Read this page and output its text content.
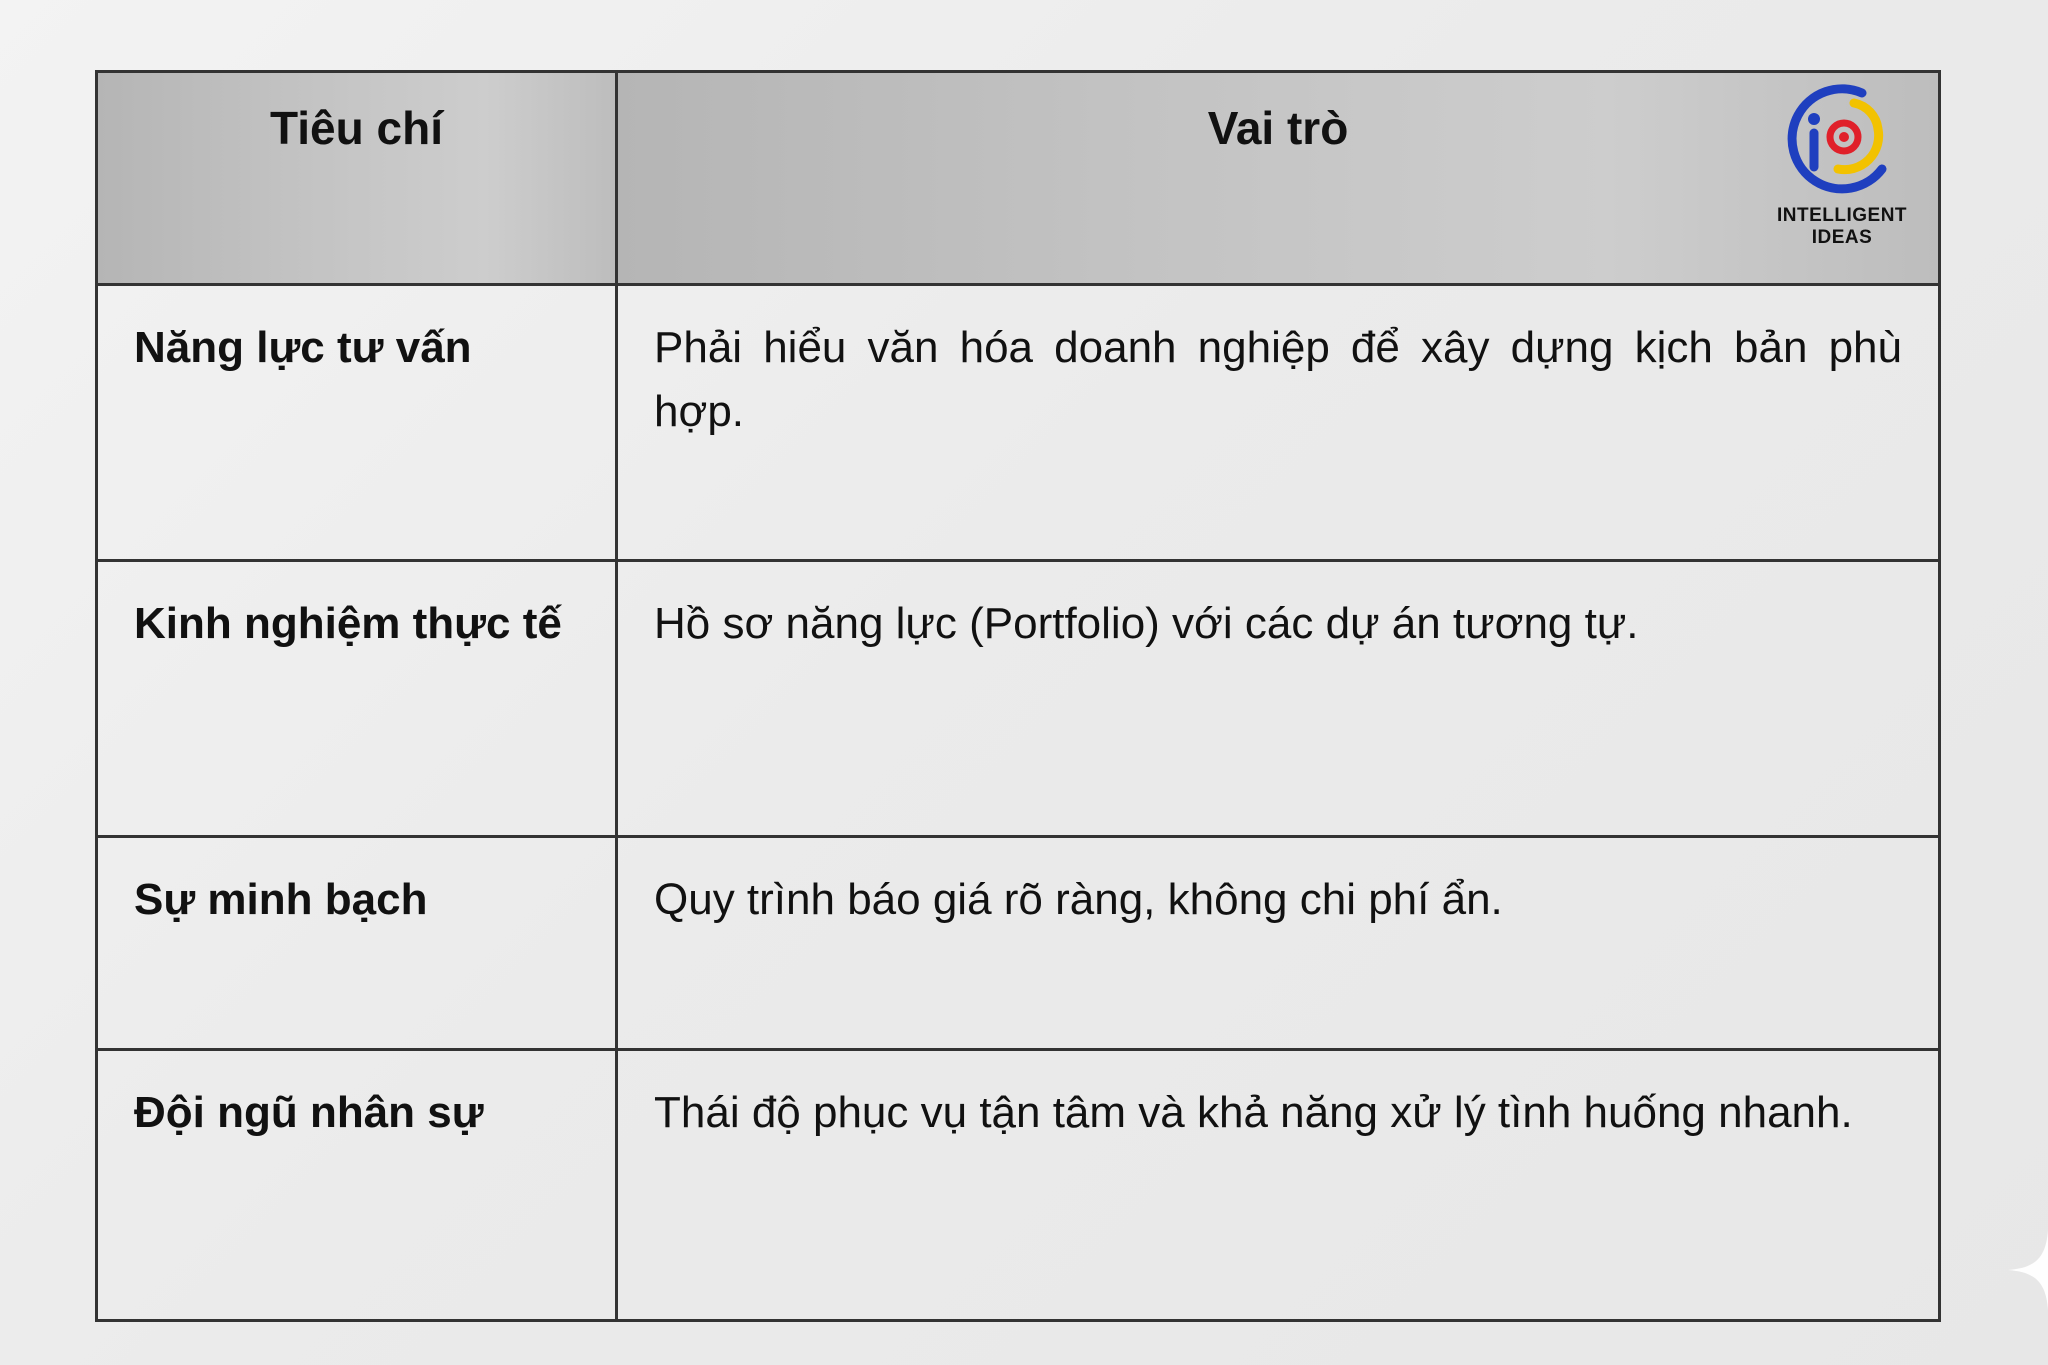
Tiêu chí	Vai trò
INTELLIGENT IDEAS
Năng lực tư vấn	Phải hiểu văn hóa doanh nghiệp để xây dựng kịch bản phù hợp.
Kinh nghiệm thực tế	Hồ sơ năng lực (Portfolio) với các dự án tương tự.
Sự minh bạch	Quy trình báo giá rõ ràng, không chi phí ẩn.
Đội ngũ nhân sự	Thái độ phục vụ tận tâm và khả năng xử lý tình huống nhanh.
